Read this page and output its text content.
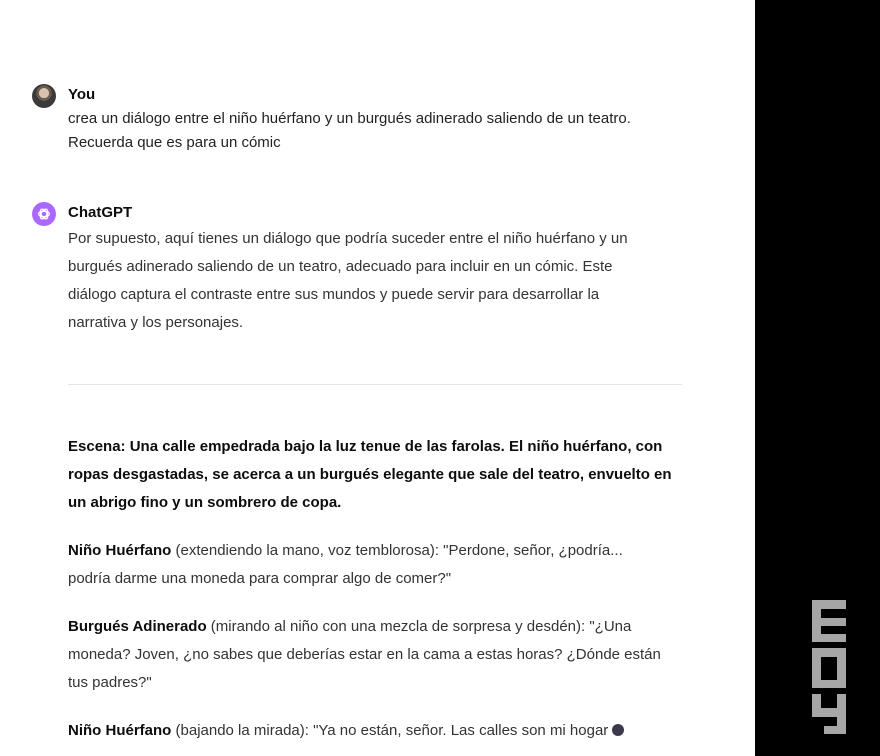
You
crea un diálogo entre el niño huérfano y un burgués adinerado saliendo de un teatro.
Recuerda que es para un cómic
ChatGPT
Por supuesto, aquí tienes un diálogo que podría suceder entre el niño huérfano y un
burgués adinerado saliendo de un teatro, adecuado para incluir en un cómic. Este
diálogo captura el contraste entre sus mundos y puede servir para desarrollar la
narrativa y los personajes.
Escena: Una calle empedrada bajo la luz tenue de las farolas. El niño huérfano, con
ropas desgastadas, se acerca a un burgués elegante que sale del teatro, envuelto en
un abrigo fino y un sombrero de copa.
Niño Huérfano (extendiendo la mano, voz temblorosa): "Perdone, señor, ¿podría...
podría darme una moneda para comprar algo de comer?"
Burgués Adinerado (mirando al niño con una mezcla de sorpresa y desdén): "¿Una
moneda? Joven, ¿no sabes que deberías estar en la cama a estas horas? ¿Dónde están
tus padres?"
Niño Huérfano (bajando la mirada): "Ya no están, señor. Las calles son mi hogar
